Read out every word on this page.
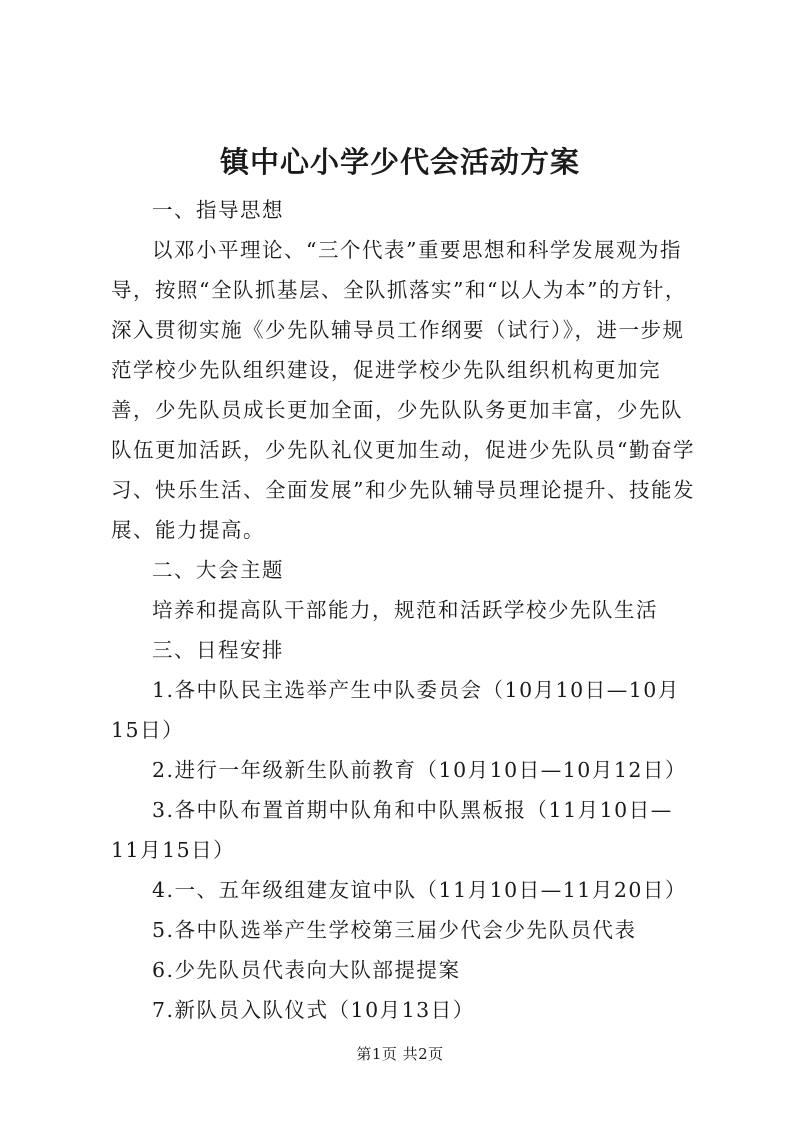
镇中心小学少代会活动方案

一、指导思想

以邓小平理论、“三个代表”重要思想和科学发展观为指导，按照“全队抓基层、全队抓落实”和“以人为本”的方针，深入贯彻实施《少先队辅导员工作纲要（试行）》，进一步规范学校少先队组织建设，促进学校少先队组织机构更加完善，少先队员成长更加全面，少先队队务更加丰富，少先队队伍更加活跃，少先队礼仪更加生动，促进少先队员“勤奋学习、快乐生活、全面发展”和少先队辅导员理论提升、技能发展、能力提高。

二、大会主题

培养和提高队干部能力，规范和活跃学校少先队生活

三、日程安排

1.各中队民主选举产生中队委员会（10月10日—10月15日）

2.进行一年级新生队前教育（10月10日—10月12日）

3.各中队布置首期中队角和中队黑板报（11月10日—11月15日）

4.一、五年级组建友谊中队（11月10日—11月20日）

5.各中队选举产生学校第三届少代会少先队员代表

6.少先队员代表向大队部提提案

7.新队员入队仪式（10月13日）

第1页 共2页
